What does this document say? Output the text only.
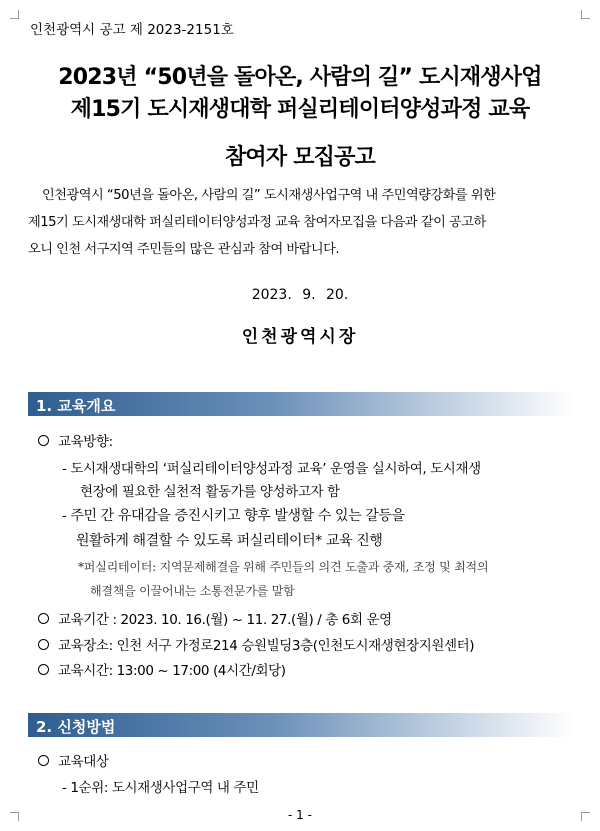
인천광역시 공고 제 2023-2151호
2023년 “50년을 돌아온, 사람의 길” 도시재생사업
제15기 도시재생대학 퍼실리테이터양성과정 교육
참여자 모집공고
인천광역시 “50년을 돌아온, 사람의 길” 도시재생사업구역 내 주민역량강화를 위한
제15기 도시재생대학 퍼실리테이터양성과정 교육 참여자모집을 다음과 같이 공고하
오니 인천 서구지역 주민들의 많은 관심과 참여 바랍니다.
2023. 9. 20.
인천광역시장
1. 교육개요
교육방향:
- 도시재생대학의 ‘퍼실리테이터양성과정 교육’ 운영을 실시하여, 도시재생
현장에 필요한 실천적 활동가를 양성하고자 함
- 주민 간 유대감을 증진시키고 향후 발생할 수 있는 갈등을
원활하게 해결할 수 있도록 퍼실리테이터* 교육 진행
*퍼실리테이터: 지역문제해결을 위해 주민들의 의견 도출과 중재, 조정 및 최적의
해결책을 이끌어내는 소통전문가를 말함
교육기간 : 2023. 10. 16.(월) ~ 11. 27.(월) / 총 6회 운영
교육장소: 인천 서구 가정로214 승원빌딩3층(인천도시재생현장지원센터)
교육시간: 13:00 ~ 17:00 (4시간/회당)
2. 신청방법
교육대상
- 1순위: 도시재생사업구역 내 주민
- 1 -
